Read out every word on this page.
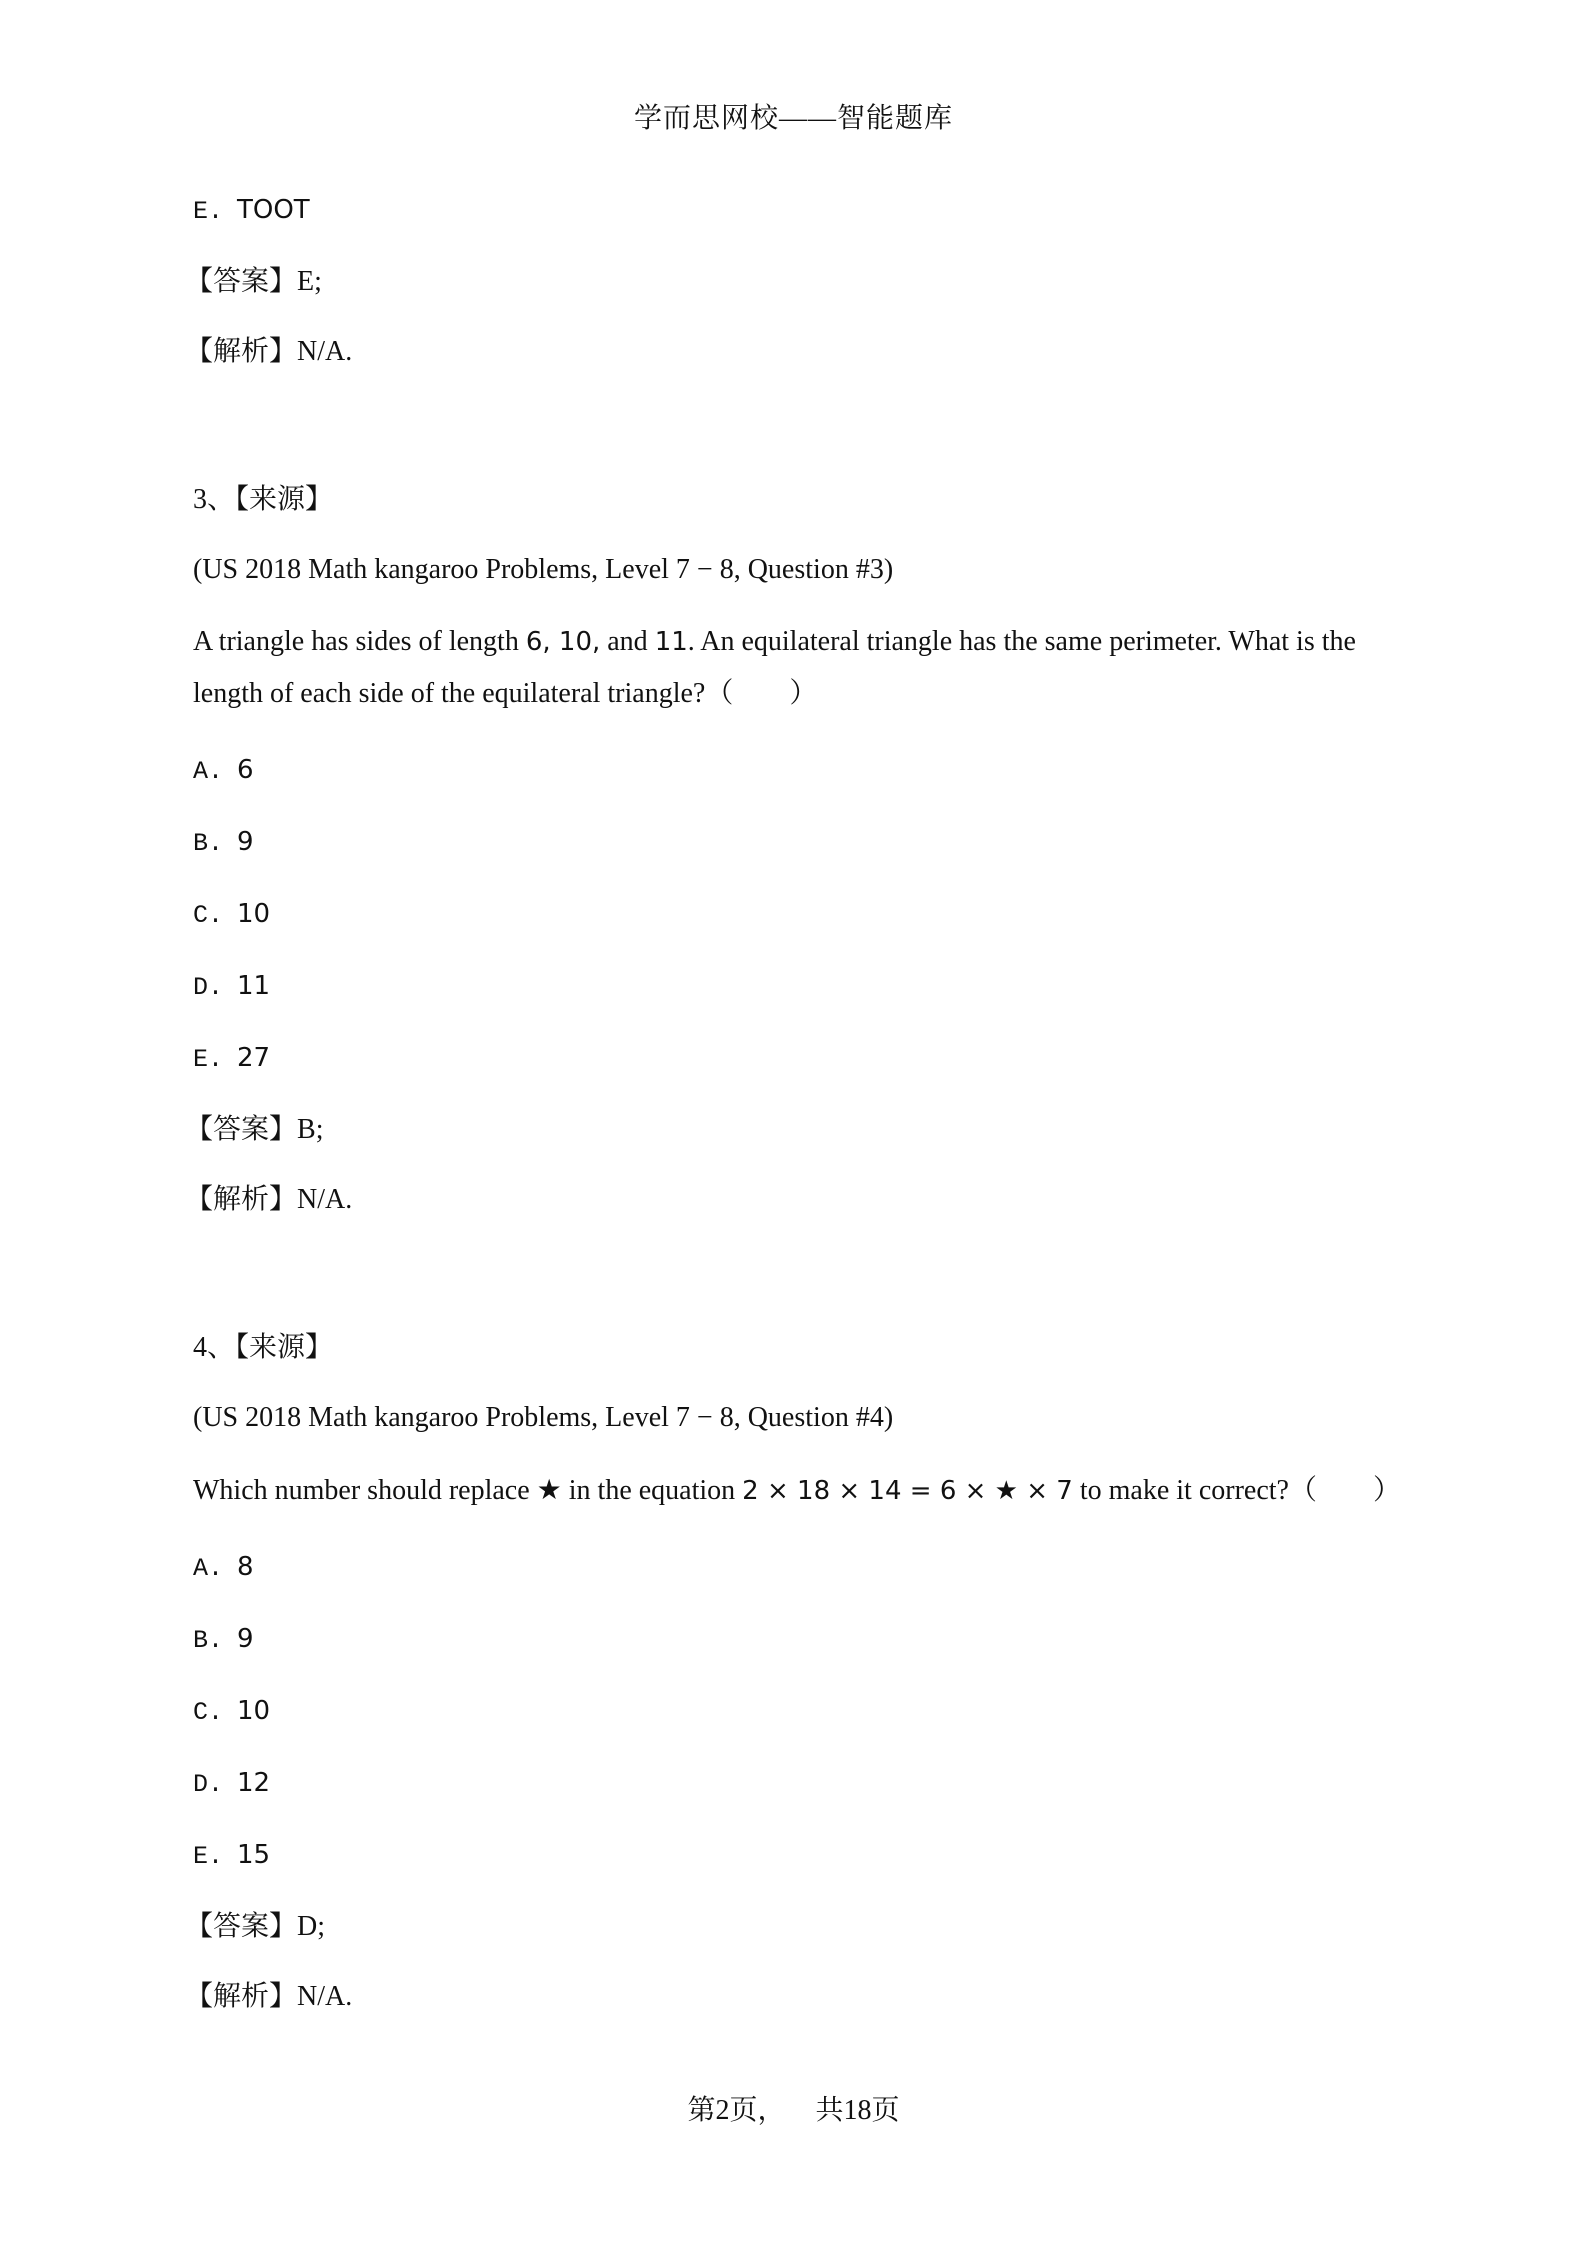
学而思网校——智能题库
E. TOOT
【答案】E;
【解析】N/A.
3、【来源】
(US 2018 Math kangaroo Problems, Level 7 − 8, Question #3)
A triangle has sides of length 6, 10, and 11. An equilateral triangle has the same perimeter. What is the length of each side of the equilateral triangle?（　　）
A. 6
B. 9
C. 10
D. 11
E. 27
【答案】B;
【解析】N/A.
4、【来源】
(US 2018 Math kangaroo Problems, Level 7 − 8, Question #4)
Which number should replace ★ in the equation 2 × 18 × 14 = 6 × ★ × 7 to make it correct?（　　）
A. 8
B. 9
C. 10
D. 12
E. 15
【答案】D;
【解析】N/A.
第2页， 共18页
